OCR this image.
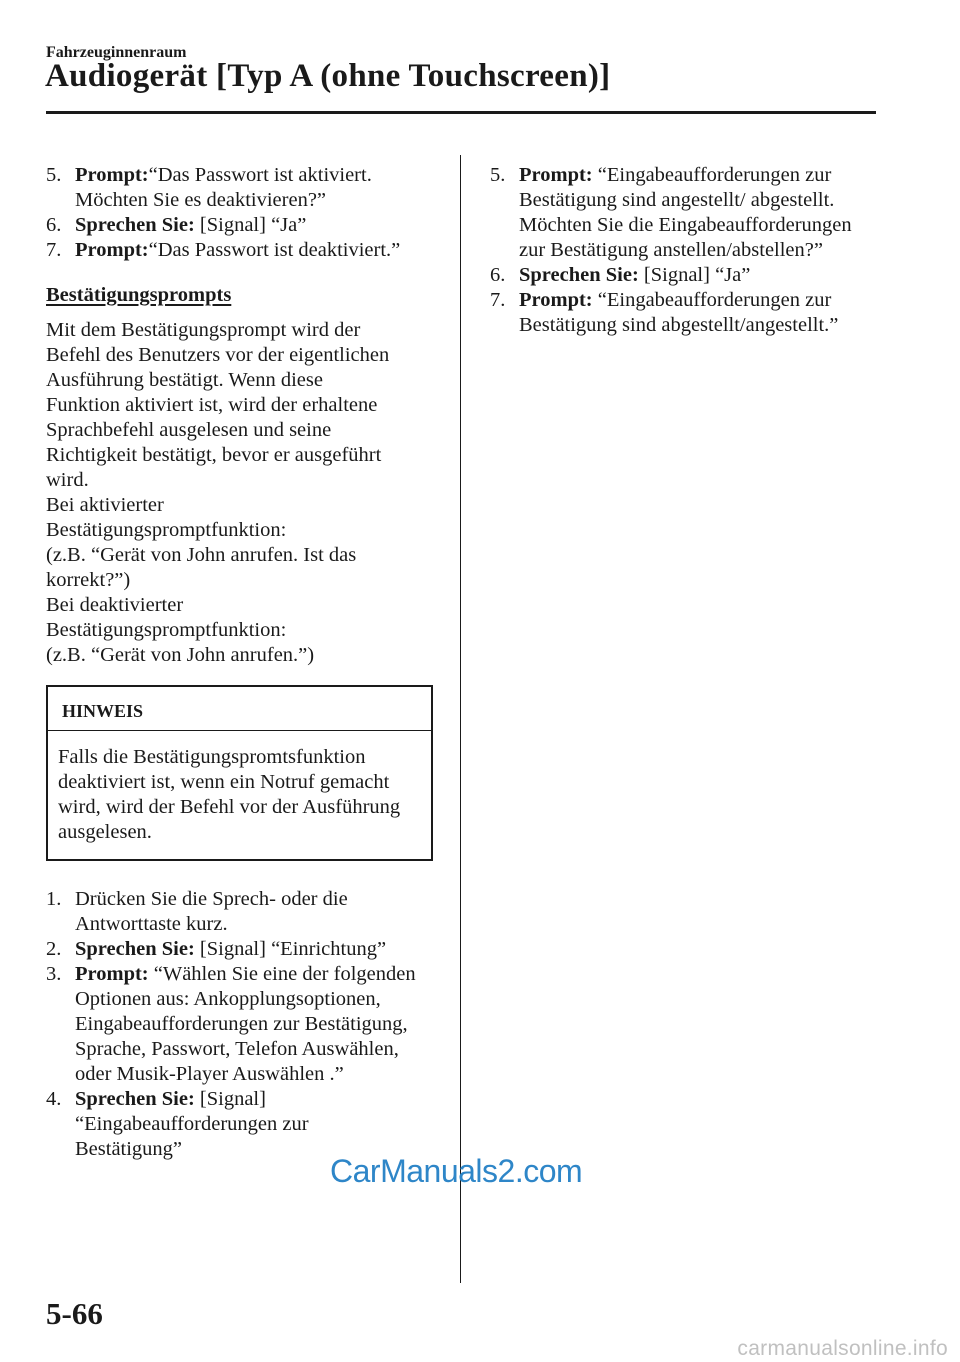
Fahrzeuginnenraum
Audiogerät [Typ A (ohne Touchscreen)]
5. Prompt:“Das Passwort ist aktiviert. Möchten Sie es deaktivieren?”
6. Sprechen Sie: [Signal] “Ja”
7. Prompt:“Das Passwort ist deaktiviert.”
Bestätigungsprompts
Mit dem Bestätigungsprompt wird der
Befehl des Benutzers vor der eigentlichen
Ausführung bestätigt. Wenn diese
Funktion aktiviert ist, wird der erhaltene
Sprachbefehl ausgelesen und seine
Richtigkeit bestätigt, bevor er ausgeführt
wird.
Bei aktivierter
Bestätigungspromptfunktion:
(z.B. “Gerät von John anrufen. Ist das
korrekt?”)
Bei deaktivierter
Bestätigungspromptfunktion:
(z.B. “Gerät von John anrufen.”)
HINWEIS
Falls die Bestätigungspromtsfunktion deaktiviert ist, wenn ein Notruf gemacht wird, wird der Befehl vor der Ausführung ausgelesen.
1. Drücken Sie die Sprech- oder die Antworttaste kurz.
2. Sprechen Sie: [Signal] “Einrichtung”
3. Prompt: “Wählen Sie eine der folgenden Optionen aus: Ankopplungsoptionen, Eingabeaufforderungen zur Bestätigung, Sprache, Passwort, Telefon Auswählen, oder Musik-Player Auswählen .”
4. Sprechen Sie: [Signal] “Eingabeaufforderungen zur Bestätigung”
5. Prompt: “Eingabeaufforderungen zur Bestätigung sind angestellt/ abgestellt. Möchten Sie die Eingabeaufforderungen zur Bestätigung anstellen/abstellen?”
6. Sprechen Sie: [Signal] “Ja”
7. Prompt: “Eingabeaufforderungen zur Bestätigung sind abgestellt/angestellt.”
CarManuals2.com
5-66
carmanualsonline.info
